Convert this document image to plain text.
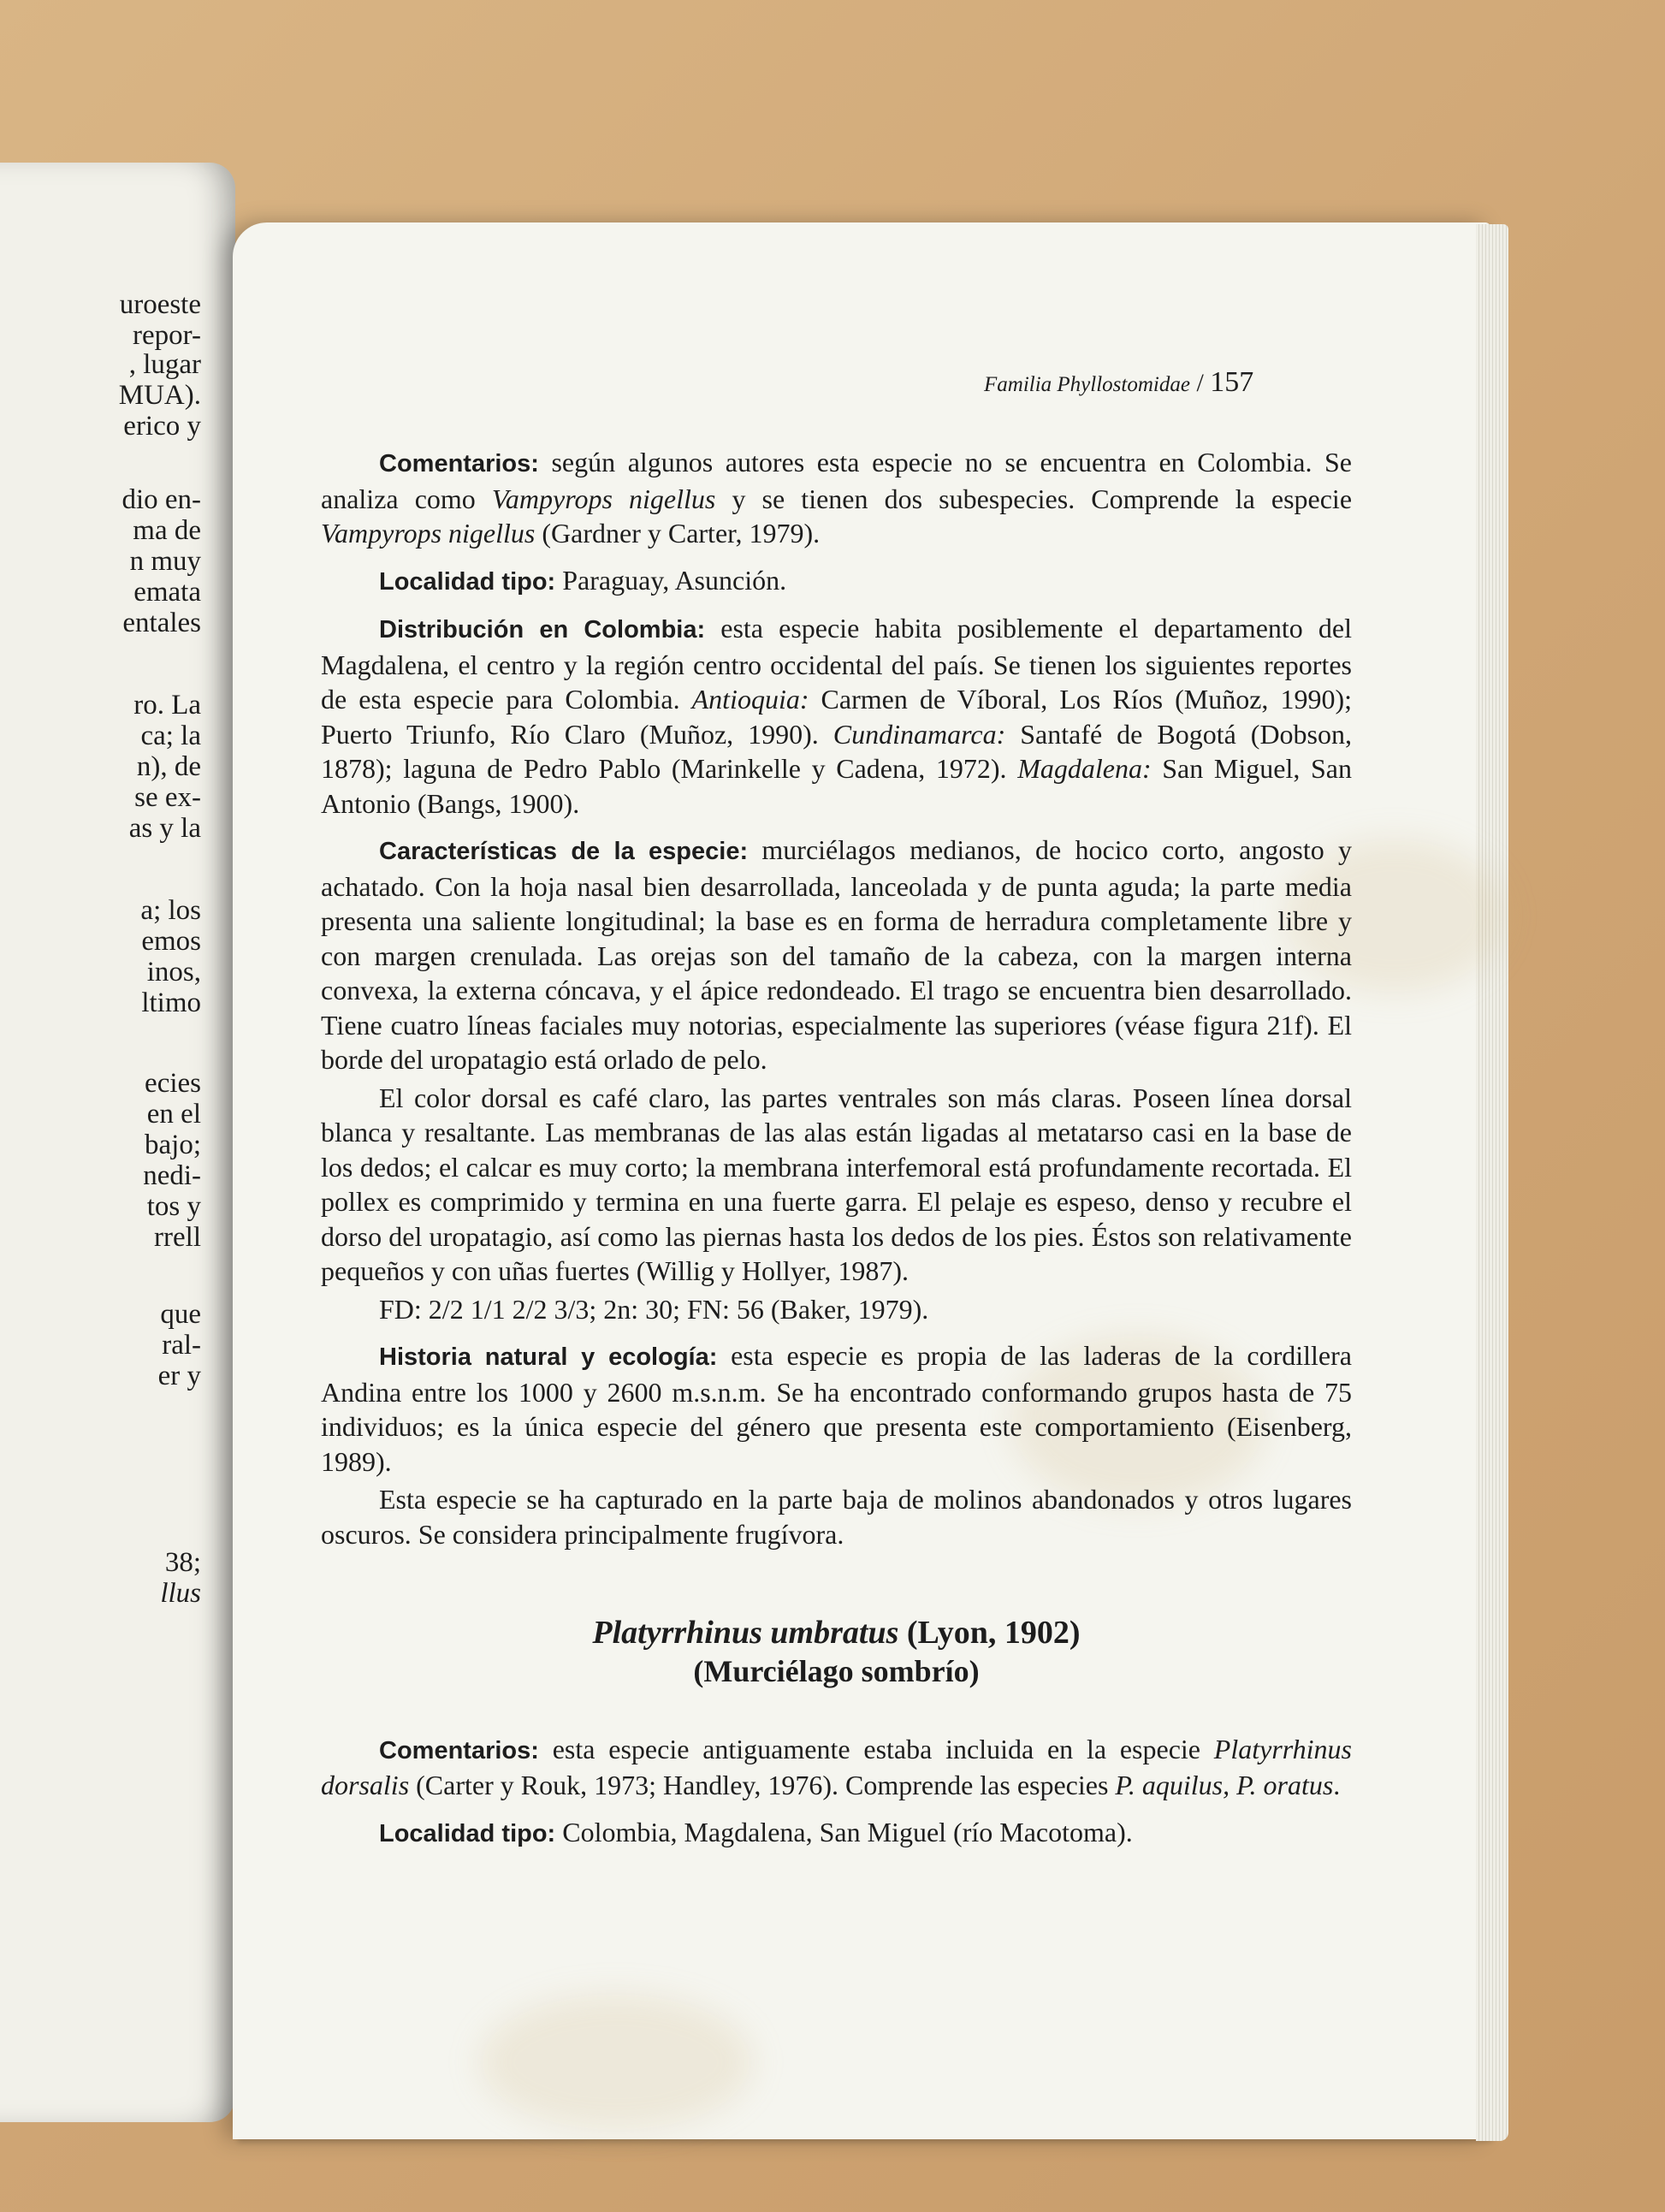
uroeste
repor-
, lugar
MUA).
erico y
dio en-
ma de
n muy
emata
entales
ro. La
ca; la
n), de
se ex-
as y la
a; los
emos
inos,
ltimo
ecies
en el
bajo;
nedi-
tos y
rrell
que
ral-
er y
38;
llus
Familia Phyllostomidae / 157

Comentarios: según algunos autores esta especie no se encuentra en Colombia. Se analiza como Vampyrops nigellus y se tienen dos subespecies. Comprende la especie Vampyrops nigellus (Gardner y Carter, 1979).

Localidad tipo: Paraguay, Asunción.

Distribución en Colombia: esta especie habita posiblemente el departamento del Magdalena, el centro y la región centro occidental del país. Se tienen los siguientes reportes de esta especie para Colombia. Antioquia: Carmen de Víboral, Los Ríos (Muñoz, 1990); Puerto Triunfo, Río Claro (Muñoz, 1990). Cundinamarca: Santafé de Bogotá (Dobson, 1878); laguna de Pedro Pablo (Marinkelle y Cadena, 1972). Magdalena: San Miguel, San Antonio (Bangs, 1900).

Características de la especie: murciélagos medianos, de hocico corto, angosto y achatado. Con la hoja nasal bien desarrollada, lanceolada y de punta aguda; la parte media presenta una saliente longitudinal; la base es en forma de herradura completamente libre y con margen crenulada. Las orejas son del tamaño de la cabeza, con la margen interna convexa, la externa cóncava, y el ápice redondeado. El trago se encuentra bien desarrollado. Tiene cuatro líneas faciales muy notorias, especialmente las superiores (véase figura 21f). El borde del uropatagio está orlado de pelo.

El color dorsal es café claro, las partes ventrales son más claras. Poseen línea dorsal blanca y resaltante. Las membranas de las alas están ligadas al metatarso casi en la base de los dedos; el calcar es muy corto; la membrana interfemoral está profundamente recortada. El pollex es comprimido y termina en una fuerte garra. El pelaje es espeso, denso y recubre el dorso del uropatagio, así como las piernas hasta los dedos de los pies. Éstos son relativamente pequeños y con uñas fuertes (Willig y Hollyer, 1987).

FD: 2/2 1/1 2/2 3/3; 2n: 30; FN: 56 (Baker, 1979).

Historia natural y ecología: esta especie es propia de las laderas de la cordillera Andina entre los 1000 y 2600 m.s.n.m. Se ha encontrado conformando grupos hasta de 75 individuos; es la única especie del género que presenta este comportamiento (Eisenberg, 1989).

Esta especie se ha capturado en la parte baja de molinos abandonados y otros lugares oscuros. Se considera principalmente frugívora.

Platyrrhinus umbratus (Lyon, 1902)
(Murciélago sombrío)

Comentarios: esta especie antiguamente estaba incluida en la especie Platyrrhinus dorsalis (Carter y Rouk, 1973; Handley, 1976). Comprende las especies P. aquilus, P. oratus.

Localidad tipo: Colombia, Magdalena, San Miguel (río Macotoma).
